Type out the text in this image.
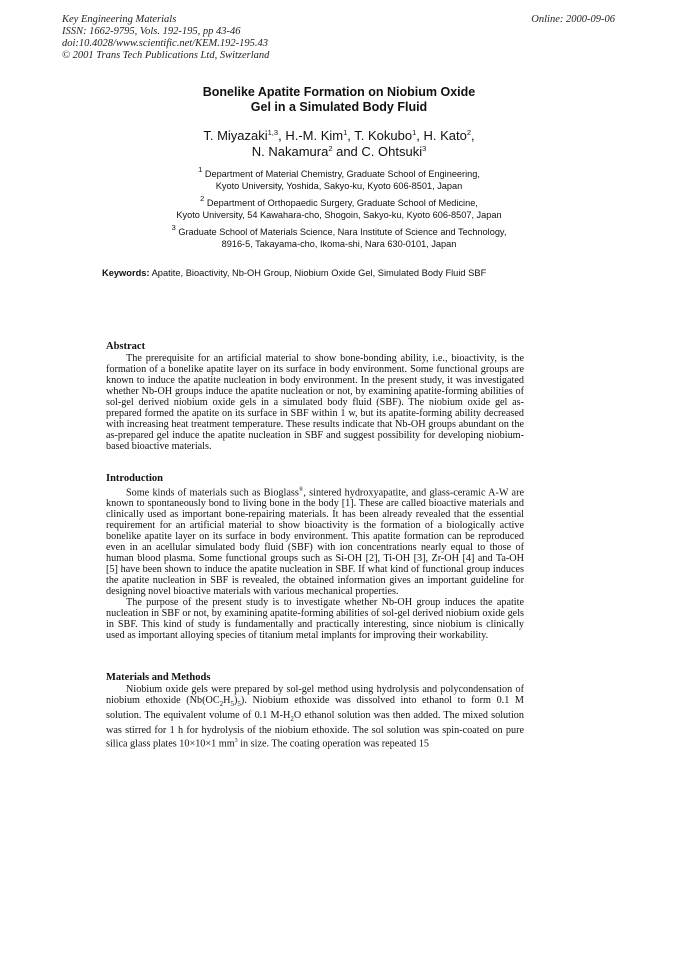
Key Engineering Materials
ISSN: 1662-9795, Vols. 192-195, pp 43-46
doi:10.4028/www.scientific.net/KEM.192-195.43
© 2001 Trans Tech Publications Ltd, Switzerland
Online: 2000-09-06
Bonelike Apatite Formation on Niobium Oxide
Gel in a Simulated Body Fluid
T. Miyazaki$^{1,3}$, H.-M. Kim$^1$, T. Kokubo$^1$, H. Kato$^2$,
N. Nakamura$^2$ and C. Ohtsuki$^3$
$^1$ Department of Material Chemistry, Graduate School of Engineering,
Kyoto University, Yoshida, Sakyo-ku, Kyoto 606-8501, Japan
$^2$ Department of Orthopaedic Surgery, Graduate School of Medicine,
Kyoto University, 54 Kawahara-cho, Shogoin, Sakyo-ku, Kyoto 606-8507, Japan
$^3$ Graduate School of Materials Science, Nara Institute of Science and Technology,
8916-5, Takayama-cho, Ikoma-shi, Nara 630-0101, Japan
Keywords: Apatite, Bioactivity, Nb-OH Group, Niobium Oxide Gel, Simulated Body Fluid SBF
Abstract

The prerequisite for an artificial material to show bone-bonding ability, i.e., bioactivity, is the formation of a bonelike apatite layer on its surface in body environment. Some functional groups are known to induce the apatite nucleation in body environment. In the present study, it was investigated whether Nb-OH groups induce the apatite nucleation or not, by examining apatite-forming abilities of sol-gel derived niobium oxide gels in a simulated body fluid (SBF). The niobium oxide gel as-prepared formed the apatite on its surface in SBF within 1 w, but its apatite-forming ability decreased with increasing heat treatment temperature. These results indicate that Nb-OH groups abundant on the as-prepared gel induce the apatite nucleation in SBF and suggest possibility for developing niobium-based bioactive materials.

Introduction

Some kinds of materials such as Bioglass®, sintered hydroxyapatite, and glass-ceramic A-W are known to spontaneously bond to living bone in the body [1]. These are called bioactive materials and clinically used as important bone-repairing materials. It has been already revealed that the essential requirement for an artificial material to show bioactivity is the formation of a biologically active bonelike apatite layer on its surface in body environment. This apatite formation can be reproduced even in an acellular simulated body fluid (SBF) with ion concentrations nearly equal to those of human blood plasma. Some functional groups such as Si-OH [2], Ti-OH [3], Zr-OH [4] and Ta-OH [5] have been shown to induce the apatite nucleation in SBF. If what kind of functional group induces the apatite nucleation in SBF is revealed, the obtained information gives an important guideline for designing novel bioactive materials with various mechanical properties.

The purpose of the present study is to investigate whether Nb-OH group induces the apatite nucleation in SBF or not, by examining apatite-forming abilities of sol-gel derived niobium oxide gels in SBF. This kind of study is fundamentally and practically interesting, since niobium is clinically used as important alloying species of titanium metal implants for improving their workability.

Materials and Methods

Niobium oxide gels were prepared by sol-gel method using hydrolysis and polycondensation of niobium ethoxide $(Nb(OC_2H_5)_5)$. Niobium ethoxide was dissolved into ethanol to form 0.1 M solution. The equivalent volume of 0.1 $M-H_2O$ ethanol solution was then added. The mixed solution was stirred for 1 h for hydrolysis of the niobium ethoxide. The sol solution was spin-coated on pure silica glass plates 10×10×1 $mm^3$ in size. The coating operation was repeated 15
